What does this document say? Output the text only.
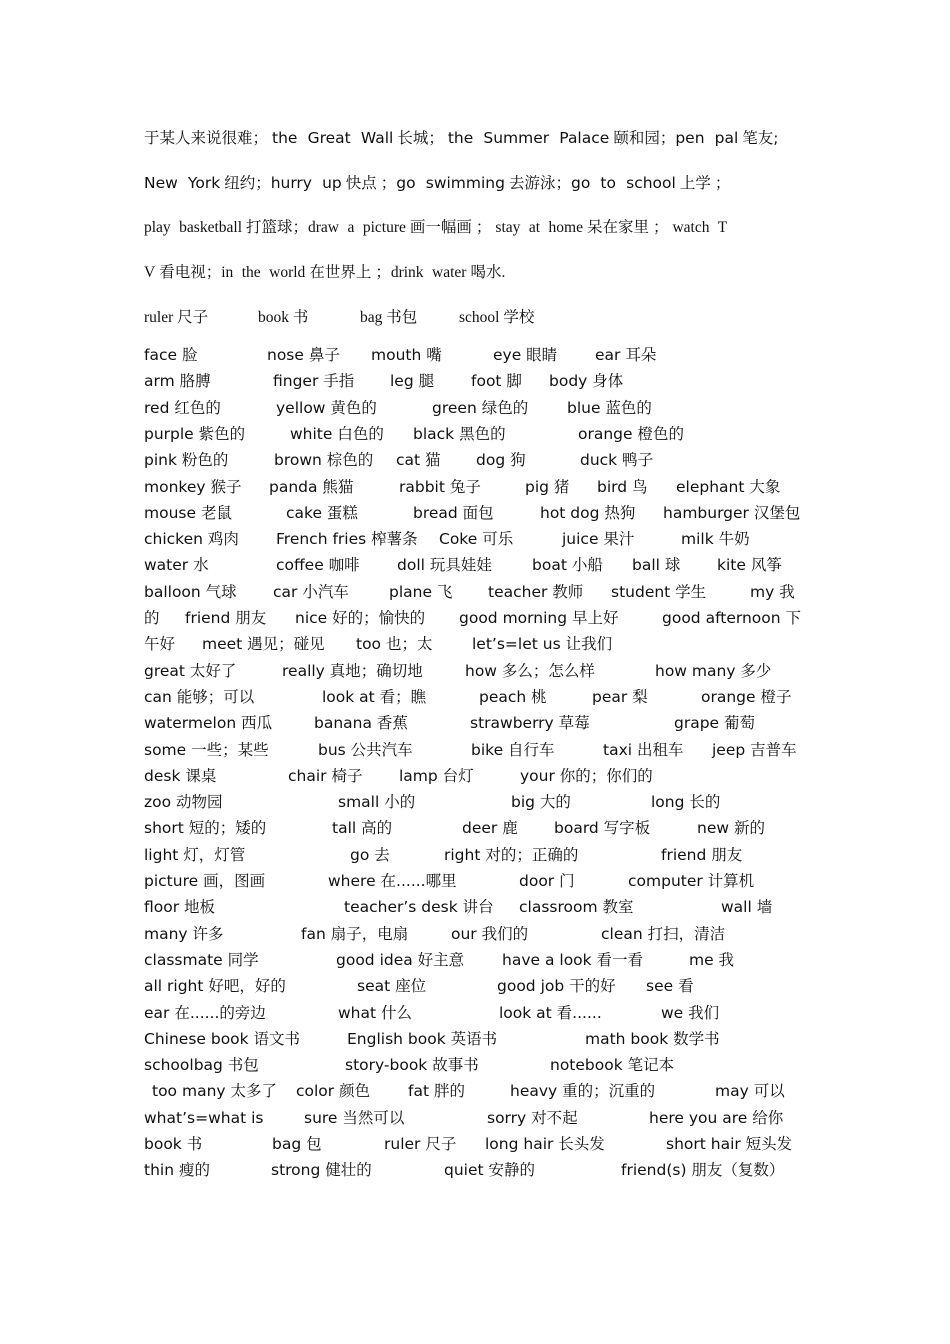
于某人来说很难； the Great Wall 长城； the Summer Palace 颐和园；pen pal 笔友;
New York 纽约；hurry up 快点 ；go swimming 去游泳；go to school 上学 ；
play basketball 打篮球；draw a picture 画一幅画 ； stay at home 呆在家里 ； watch T
V 看电视；in the world 在世界上 ；drink water 喝水.
ruler 尺子	book 书	bag 书包	school 学校
face 脸	nose 鼻子 mouth 嘴	eye 眼睛 ear 耳朵
arm 胳膊	finger 手指 leg 腿 foot 脚 body 身体
red 红色的	yellow 黄色的	green 绿色的	blue 蓝色的
purple 紫色的	white 白色的 black 黑色的	orange 橙色的
pink 粉色的	brown 棕色的 cat 猫 dog 狗	duck 鸭子
monkey 猴子 panda 熊猫	rabbit 兔子	pig 猪 bird 鸟 elephant 大象
mouse 老鼠	cake 蛋糕	bread 面包	hot dog 热狗 hamburger 汉堡包
chicken 鸡肉 French fries 榨薯条 Coke 可乐	juice 果汁	milk 牛奶
water 水	coffee 咖啡 doll 玩具娃娃	boat 小船 ball 球 kite 风筝
balloon 气球 car 小汽车	plane 飞 teacher 教师 student 学生	my 我
的 friend 朋友 nice 好的；愉快的 good morning 早上好	good afternoon 下
午好 meet 遇见；碰见 too 也；太	let’s=let us 让我们
great 太好了	really 真地；确切地	how 多么；怎么样	how many 多少
can 能够；可以	look at 看；瞧	peach 桃	pear 梨	orange 橙子
watermelon 西瓜	banana 香蕉	strawberry 草莓	grape 葡萄
some 一些；某些	bus 公共汽车	bike 自行车	taxi 出租车 jeep 吉普车
desk 课桌	chair 椅子 lamp 台灯	your 你的；你们的
zoo 动物园	small 小的	big 大的	long 长的
short 短的；矮的	tall 高的	deer 鹿 board 写字板	new 新的
light 灯，灯管	go 去	right 对的；正确的	friend 朋友
picture 画，图画	where 在......哪里	door 门	computer 计算机
floor 地板	teacher’s desk 讲台 classroom 教室	wall 墙
many 许多	fan 扇子，电扇	our 我们的	clean 打扫，清洁
classmate 同学	good idea 好主意 have a look 看一看	me 我
all right 好吧，好的	seat 座位	good job 干的好 see 看
ear 在......的旁边	what 什么	look at 看......	we 我们
Chinese book 语文书	English book 英语书	math book 数学书
schoolbag 书包	story-book 故事书	notebook 笔记本
too many 太多了 color 颜色 fat 胖的	heavy 重的；沉重的	may 可以
what’s=what is	sure 当然可以	sorry 对不起	here you are 给你
book 书	bag 包	ruler 尺子 long hair 长头发	short hair 短头发
thin 瘦的	strong 健壮的	quiet 安静的	friend(s) 朋友（复数）
